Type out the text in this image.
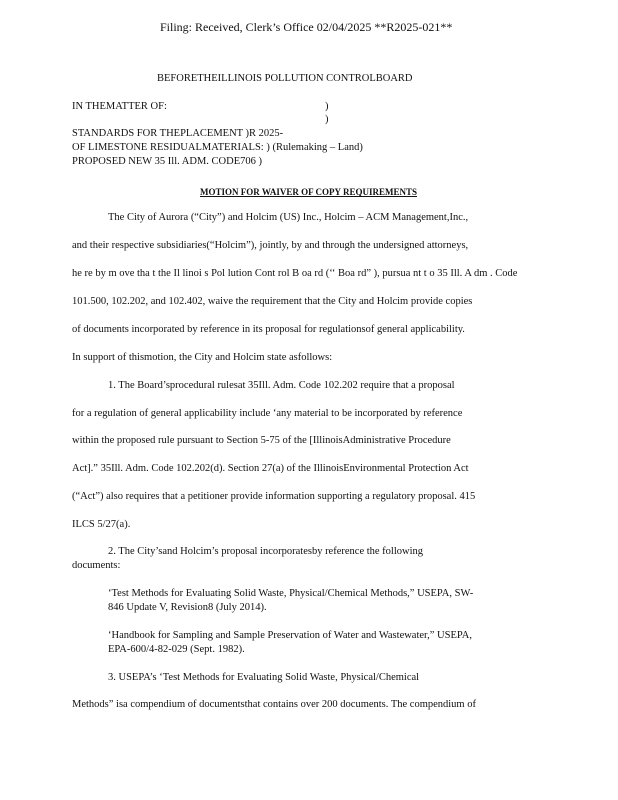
Filing: Received, Clerk’s Office 02/04/2025 **R2025-021**
BEFORETHEILLINOIS POLLUTION CONTROLBOARD
IN THEMATTER OF:	)
)
STANDARDS FOR THEPLACEMENT )R 2025-
OF LIMESTONE RESIDUALMATERIALS: ) (Rulemaking – Land)
PROPOSED NEW 35 Ill. ADM. CODE706 )
MOTION FOR WAIVER OF COPY REQUIREMENTS
The City of Aurora (“City”) and Holcim (US) Inc., Holcim – ACM Management,Inc.,
and their respective subsidiaries(“Holcim”), jointly, by and through the undersigned attorneys,
he re by m ove tha t the Il linoi s Pol lution Cont rol B oa rd (‘‘ Boa rd” ), pursua nt t o 35 Ill. A dm . Code
101.500, 102.202, and 102.402, waive the requirement that the City and Holcim provide copies
of documents incorporated by reference in its proposal for regulationsof general applicability.
In support of thismotion, the City and Holcim state asfollows:
1. The Board’sprocedural rulesat 35Ill. Adm. Code 102.202 require that a proposal
for a regulation of general applicability include ‘any material to be incorporated by reference
within the proposed rule pursuant to Section 5-75 of the [IllinoisAdministrative Procedure
Act].” 35Ill. Adm. Code 102.202(d). Section 27(a) of the IllinoisEnvironmental Protection Act
(“Act”) also requires that a petitioner provide information supporting a regulatory proposal. 415
ILCS 5/27(a).
2. The City’sand Holcim’s proposal incorporatesby reference the following
documents:
‘Test Methods for Evaluating Solid Waste, Physical/Chemical Methods,” USEPA, SW-
846 Update V, Revision8 (July 2014).
‘Handbook for Sampling and Sample Preservation of Water and Wastewater,” USEPA,
EPA-600/4-82-029 (Sept. 1982).
3. USEPA’s ‘Test Methods for Evaluating Solid Waste, Physical/Chemical
Methods” isa compendium of documentsthat contains over 200 documents. The compendium of
